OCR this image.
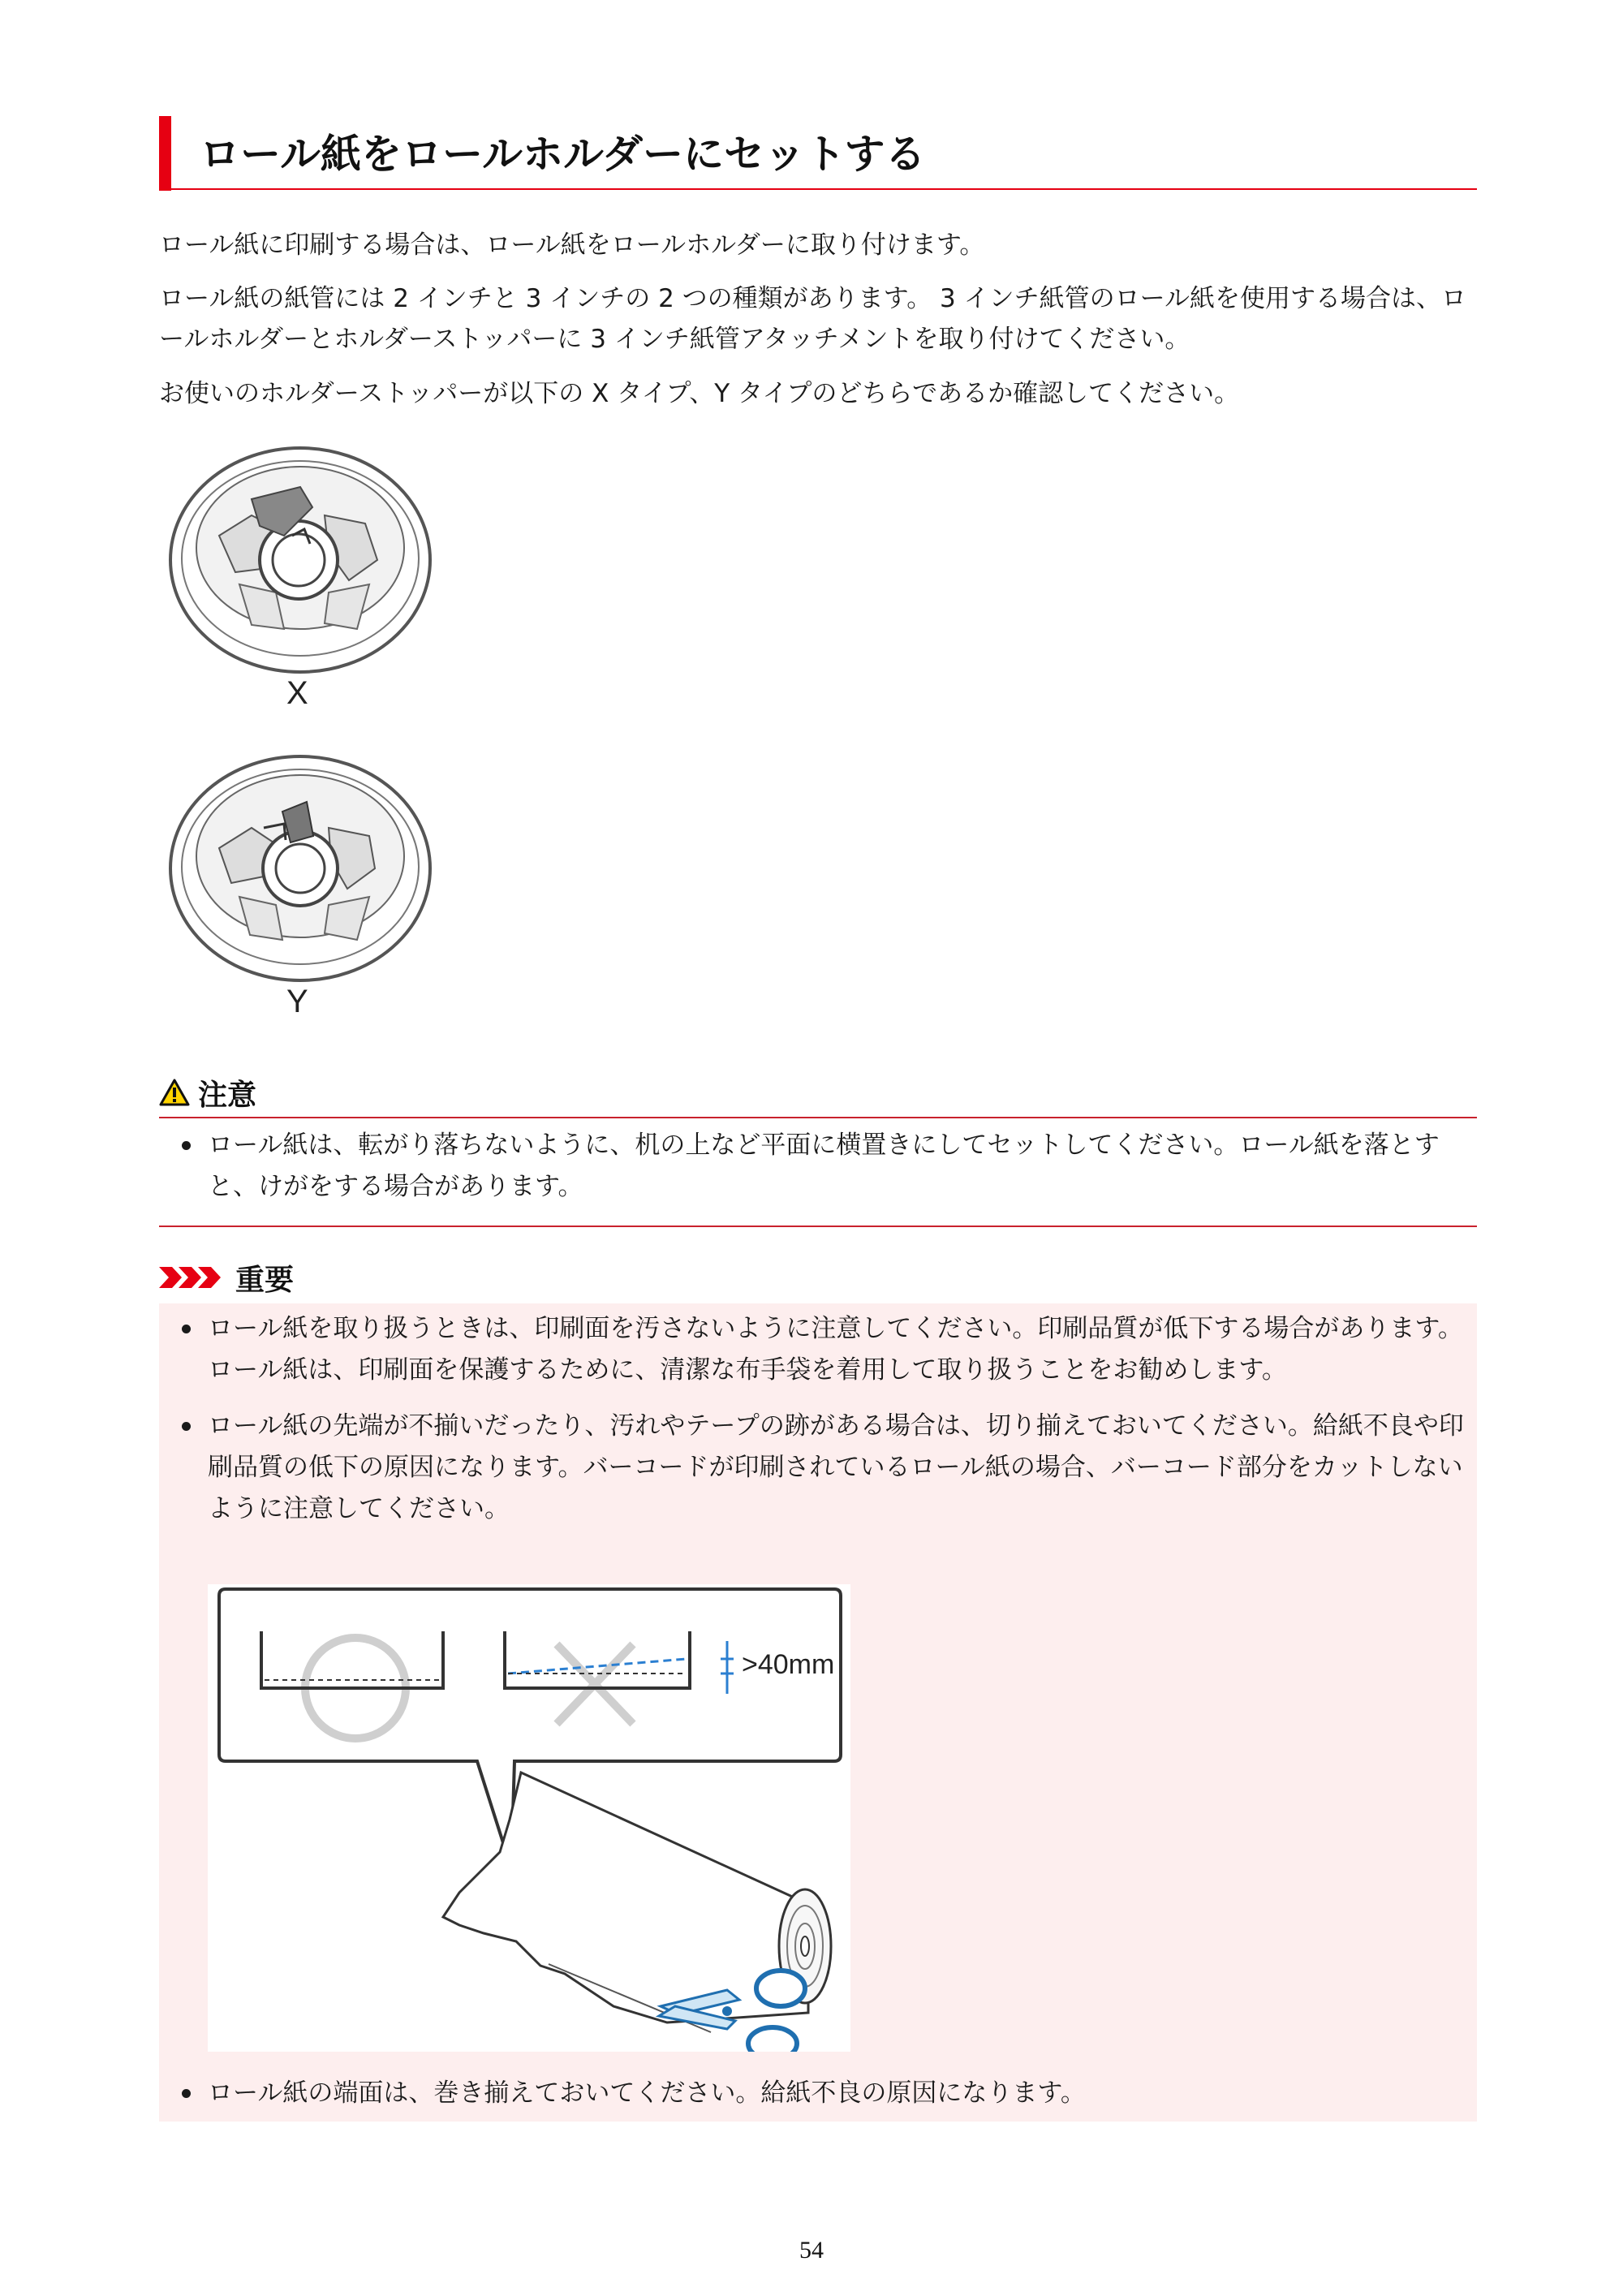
ロール紙をロールホルダーにセットする
ロール紙に印刷する場合は、ロール紙をロールホルダーに取り付けます。
ロール紙の紙管には 2 インチと 3 インチの 2 つの種類があります。 3 インチ紙管のロール紙を使用する場合は、ロールホルダーとホルダーストッパーに 3 インチ紙管アタッチメントを取り付けてください。
お使いのホルダーストッパーが以下の X タイプ、Y タイプのどちらであるか確認してください。
X
Y
注意
ロール紙は、転がり落ちないように、机の上など平面に横置きにしてセットしてください。ロール紙を落とすと、けがをする場合があります。
重要
ロール紙を取り扱うときは、印刷面を汚さないように注意してください。印刷品質が低下する場合があります。ロール紙は、印刷面を保護するために、清潔な布手袋を着用して取り扱うことをお勧めします。
ロール紙の先端が不揃いだったり、汚れやテープの跡がある場合は、切り揃えておいてください。給紙不良や印刷品質の低下の原因になります。バーコードが印刷されているロール紙の場合、バーコード部分をカットしないように注意してください。
>40mm
ロール紙の端面は、巻き揃えておいてください。給紙不良の原因になります。
54
